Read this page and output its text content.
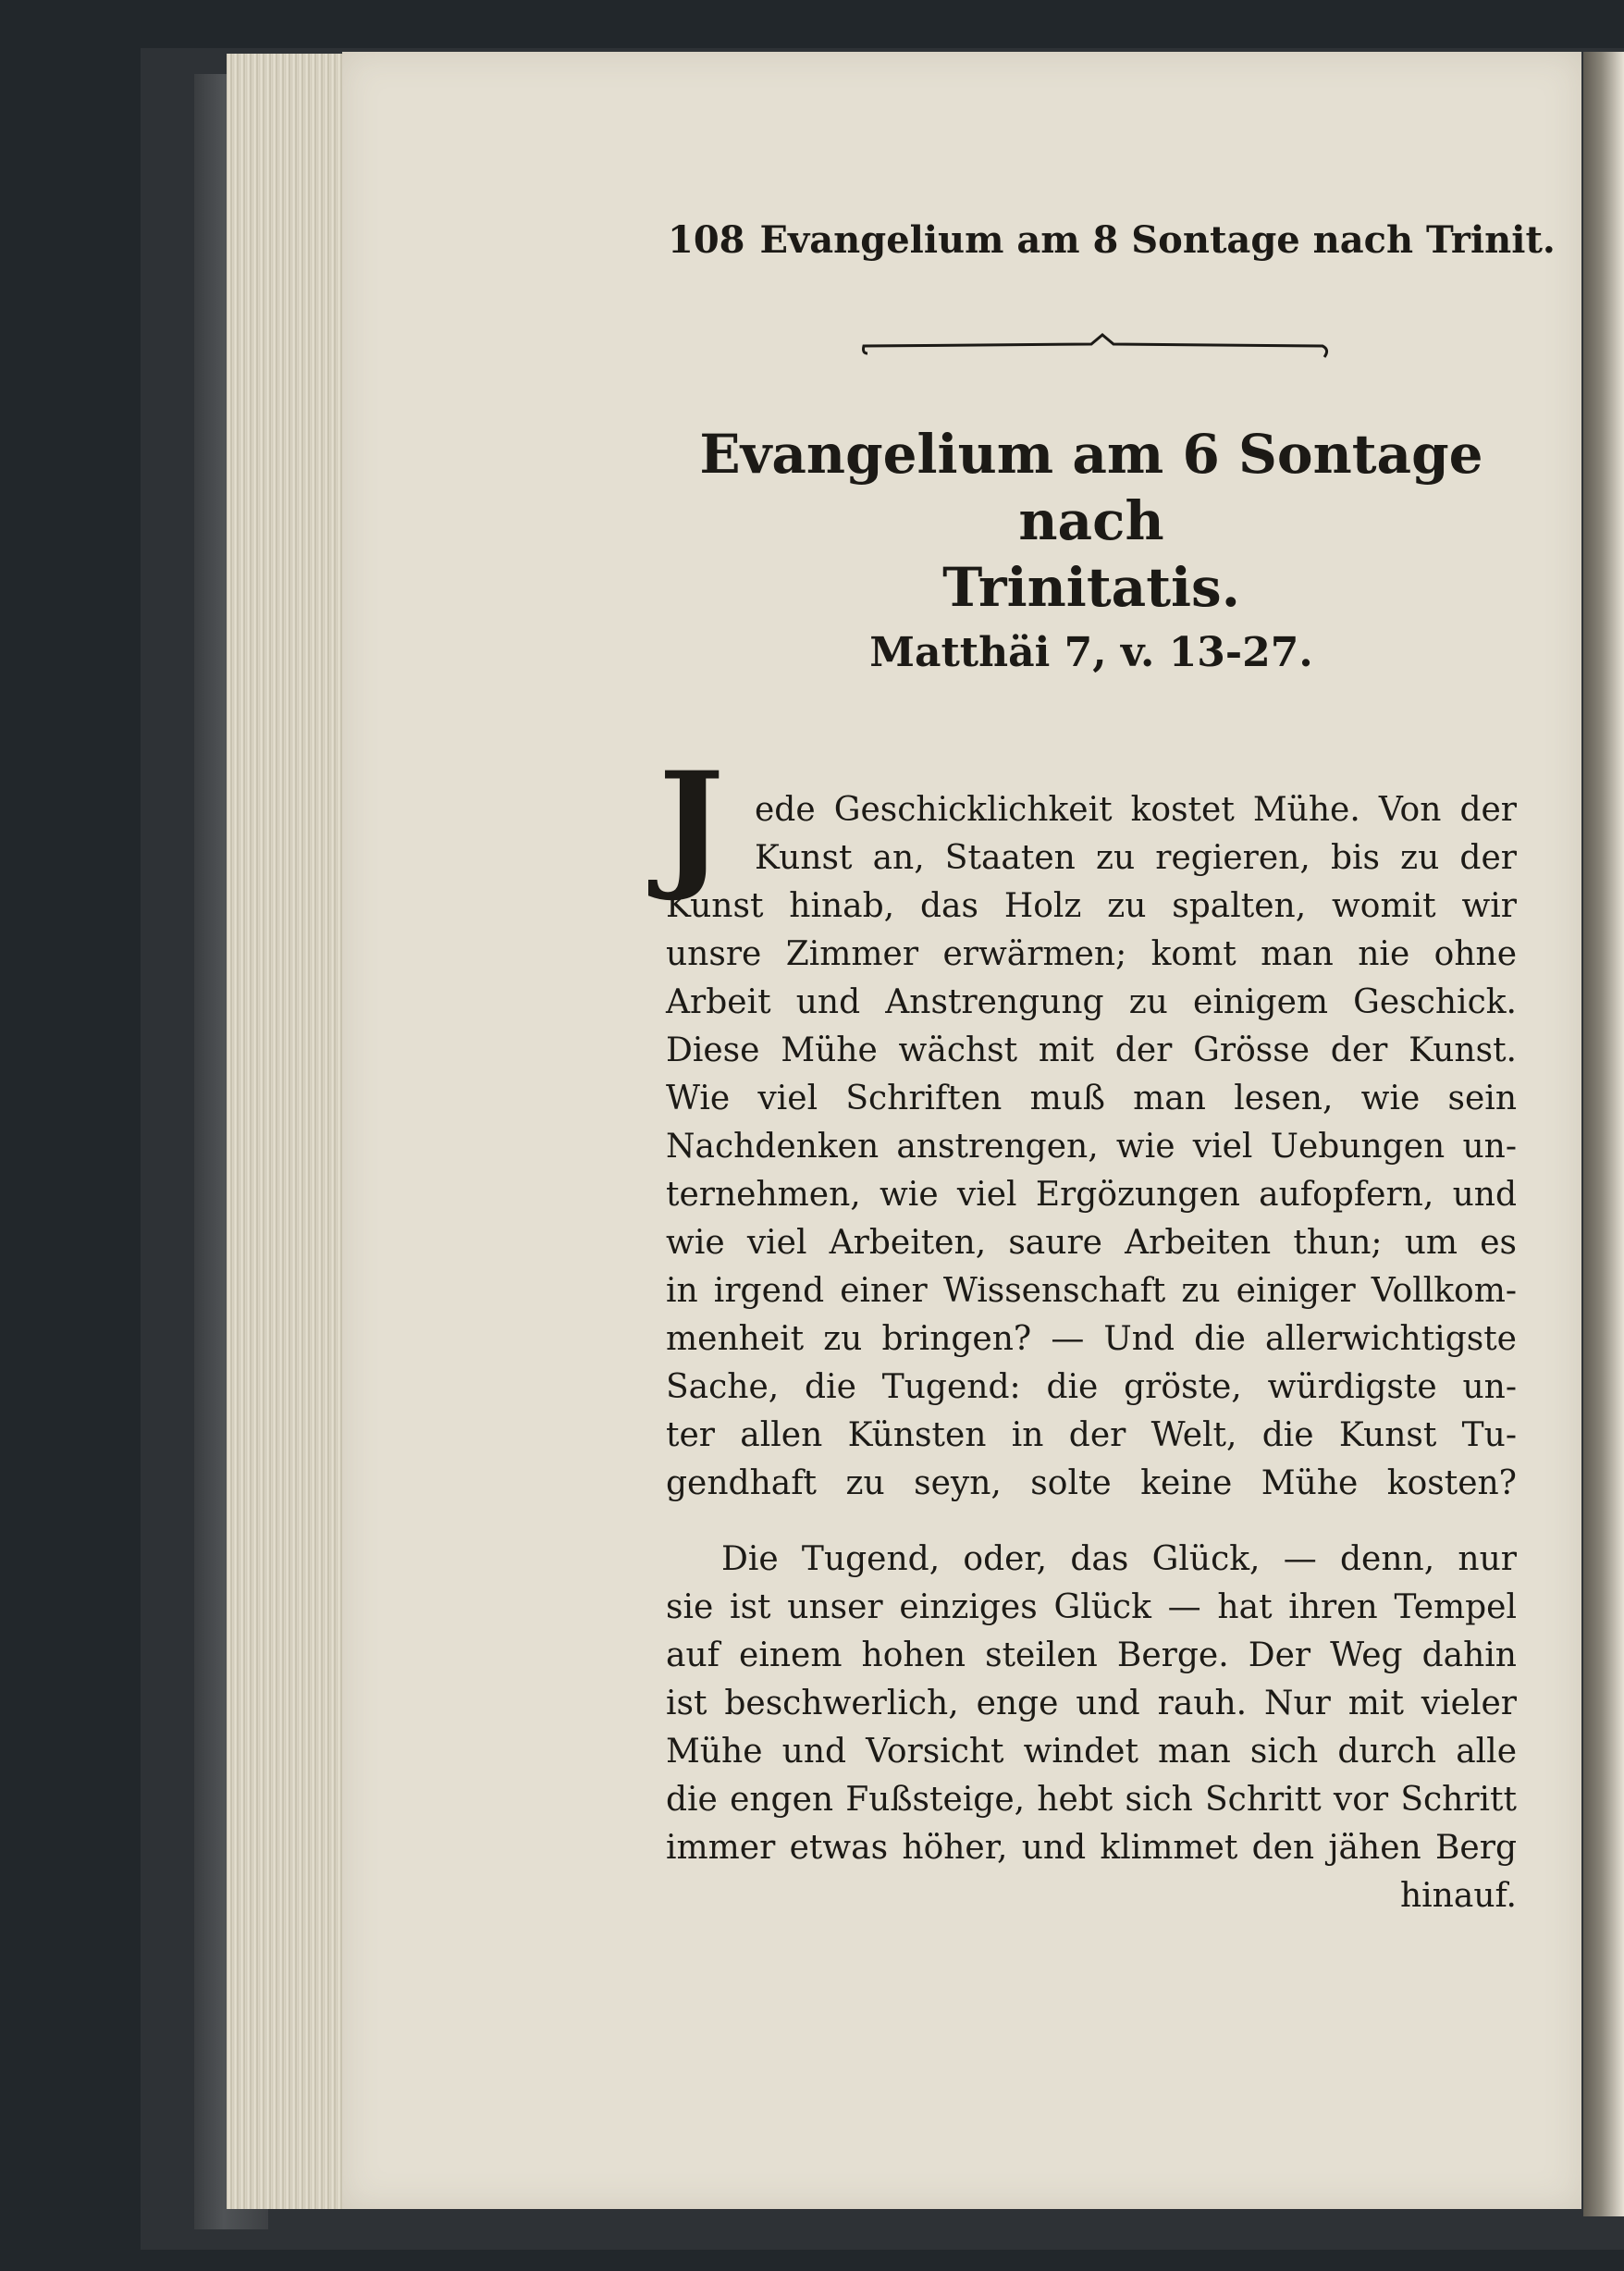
108 Evangelium am 8 Sontage nach Trinit.
Evangelium am 6 Sontage nach
Trinitatis.
Matthäi 7, v. 13-27.
J ede Geschicklichkeit kostet Mühe. Von der
Kunst an, Staaten zu regieren, bis zu der
Kunst hinab, das Holz zu spalten, womit wir
unsre Zimmer erwärmen; komt man nie ohne
Arbeit und Anstrengung zu einigem Geschick.
Diese Mühe wächst mit der Grösse der Kunst.
Wie viel Schriften muß man lesen, wie sein
Nachdenken anstrengen, wie viel Uebungen un-
ternehmen, wie viel Ergözungen aufopfern, und
wie viel Arbeiten, saure Arbeiten thun; um es
in irgend einer Wissenschaft zu einiger Vollkom-
menheit zu bringen? — Und die allerwichtigste
Sache, die Tugend: die gröste, würdigste un-
ter allen Künsten in der Welt, die Kunst Tu-
gendhaft zu seyn, solte keine Mühe kosten?
Die Tugend, oder, das Glück, — denn, nur
sie ist unser einziges Glück — hat ihren Tempel
auf einem hohen steilen Berge. Der Weg dahin
ist beschwerlich, enge und rauh. Nur mit vieler
Mühe und Vorsicht windet man sich durch alle
die engen Fußsteige, hebt sich Schritt vor Schritt
immer etwas höher, und klimmet den jähen Berg
hinauf.
